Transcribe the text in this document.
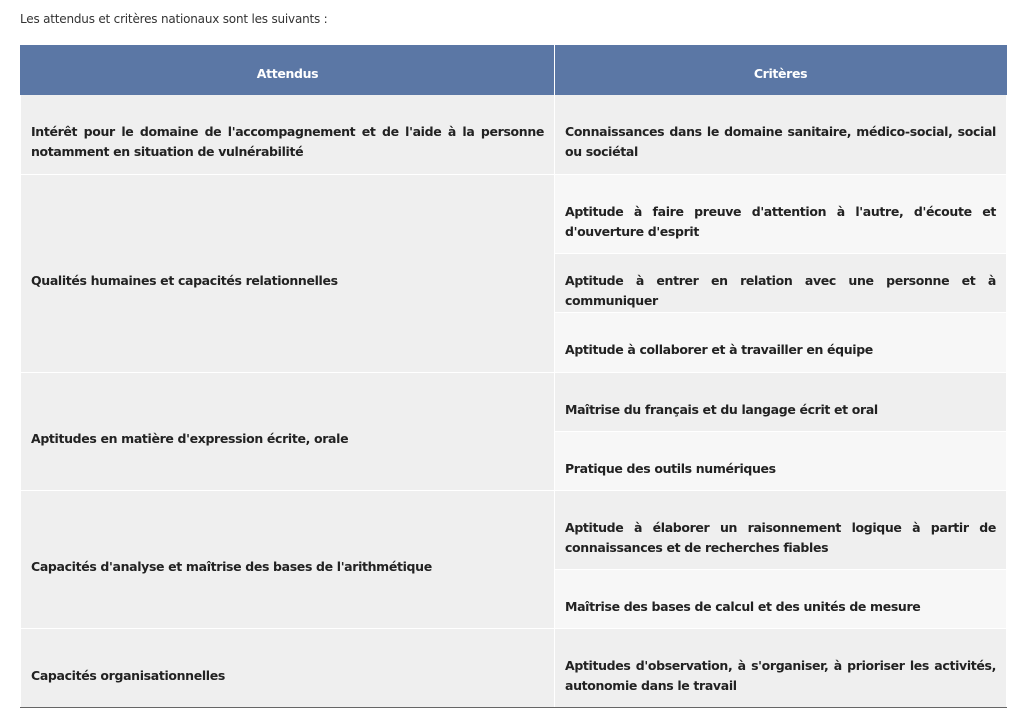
Les attendus et critères nationaux sont les suivants :
Attendus	Critères
Intérêt pour le domaine de l'accompagnement et de l'aide à la personne notamment en situation de vulnérabilité	Connaissances dans le domaine sanitaire, médico-social, social ou sociétal
Qualités humaines et capacités relationnelles	Aptitude à faire preuve d'attention à l'autre, d'écoute et d'ouverture d'esprit
	Aptitude à entrer en relation avec une personne et à communiquer
	Aptitude à collaborer et à travailler en équipe
Aptitudes en matière d'expression écrite, orale	Maîtrise du français et du langage écrit et oral
	Pratique des outils numériques
Capacités d'analyse et maîtrise des bases de l'arithmétique	Aptitude à élaborer un raisonnement logique à partir de connaissances et de recherches fiables
	Maîtrise des bases de calcul et des unités de mesure
Capacités organisationnelles	Aptitudes d'observation, à s'organiser, à prioriser les activités, autonomie dans le travail
